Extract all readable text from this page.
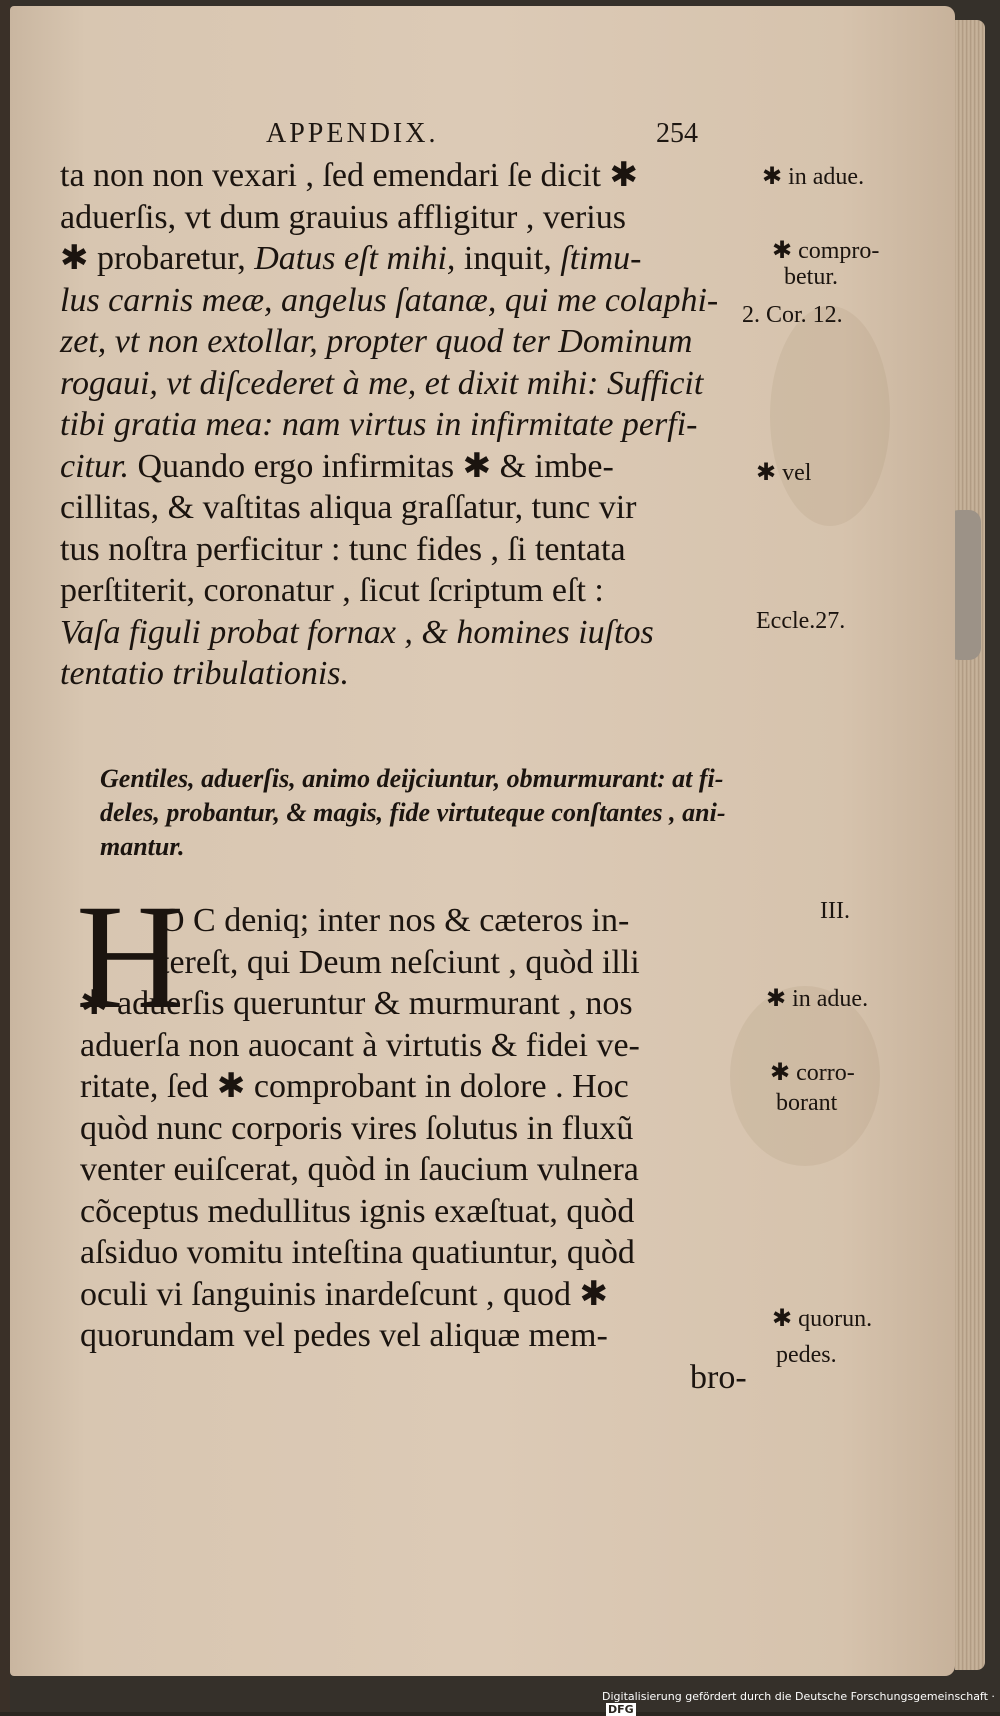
APPENDIX.	254
ta non non vexari , ſed emendari ſe dicit ✱
aduerſis, vt dum grauius affligitur , verius
✱ probaretur, Datus eſt mihi, inquit, ſtimu-
lus carnis meæ, angelus ſatanæ, qui me colaphi-
zet, vt non extollar, propter quod ter Dominum
rogaui, vt diſcederet à me, et dixit mihi: Sufficit
tibi gratia mea: nam virtus in infirmitate perfi-
citur. Quando ergo infirmitas ✱ & imbe-
cillitas, & vaſtitas aliqua graſſatur, tunc vir
tus noſtra perficitur : tunc fides , ſi tentata
perſtiterit, coronatur , ſicut ſcriptum eſt :
Vaſa figuli probat fornax , & homines iuſtos
tentatio tribulationis.
Gentiles, aduerſis, animo deijciuntur, obmurmurant: at fi-
deles, probantur, & magis, fide virtuteque conſtantes , ani-
mantur.
H
O C deniq; inter nos & cæteros in-
tereſt, qui Deum neſciunt , quòd illi
✱ aduerſis queruntur & murmurant , nos
aduerſa non auocant à virtutis & fidei ve-
ritate, ſed ✱ comprobant in dolore . Hoc
quòd nunc corporis vires ſolutus in fluxũ
venter euiſcerat, quòd in ſaucium vulnera
cõceptus medullitus ignis exæſtuat, quòd
aſsiduo vomitu inteſtina quatiuntur, quòd
oculi vi ſanguinis inardeſcunt , quod ✱
quorundam vel pedes vel aliquæ mem-
bro-
✱ in adue.
✱ compro-
betur.
2. Cor. 12.
✱ vel
Eccle.27.
III.
✱ in adue.
✱ corro-
borant
✱ quorun.
pedes.
Digitalisierung gefördert durch die Deutsche Forschungsgemeinschaft ·DFG
